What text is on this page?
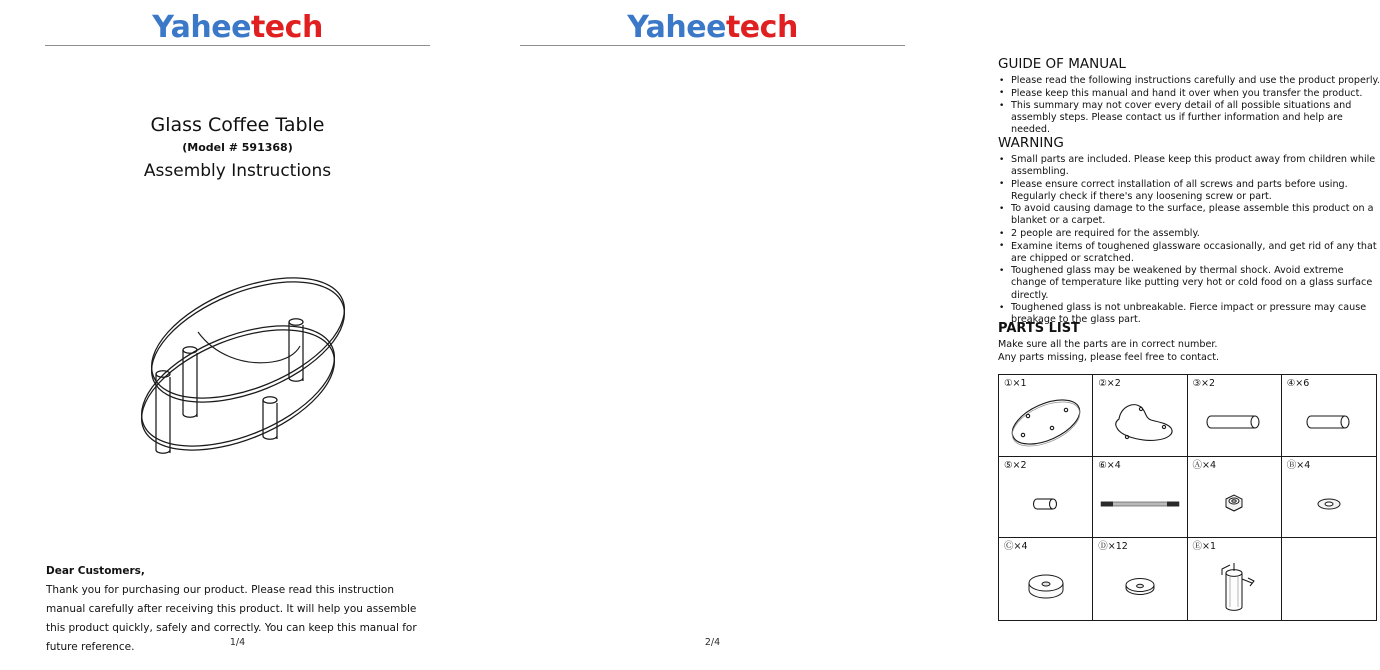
Yaheetech
Glass Coffee Table
(Model # 591368)
Assembly Instructions
Dear Customers,
Thank you for purchasing our product. Please read this instruction manual carefully after receiving this product. It will help you assemble this product quickly, safely and correctly. You can keep this manual for future reference.	1/4
Yaheetech
GUIDE OF MANUAL
• Please read the following instructions carefully and use the product properly.
• Please keep this manual and hand it over when you transfer the product.
• This summary may not cover every detail of all possible situations and assembly steps. Please contact us if further information and help are needed.
WARNING
• Small parts are included. Please keep this product away from children while assembling.
• Please ensure correct installation of all screws and parts before using. Regularly check if there's any loosening screw or part.
• To avoid causing damage to the surface, please assemble this product on a blanket or a carpet.
• 2 people are required for the assembly.
• Examine items of toughened glassware occasionally, and get rid of any that are chipped or scratched.
• Toughened glass may be weakened by thermal shock. Avoid extreme change of temperature like putting very hot or cold food on a glass surface directly.
• Toughened glass is not unbreakable. Fierce impact or pressure may cause breakage to the glass part.
PARTS LIST
Make sure all the parts are in correct number.
Any parts missing, please feel free to contact.
①×1	②×2	③×2	④×6
⑤×2	⑥×4	Ⓐ×4	Ⓑ×4
Ⓒ×4	Ⓓ×12	Ⓔ×1
2/4
